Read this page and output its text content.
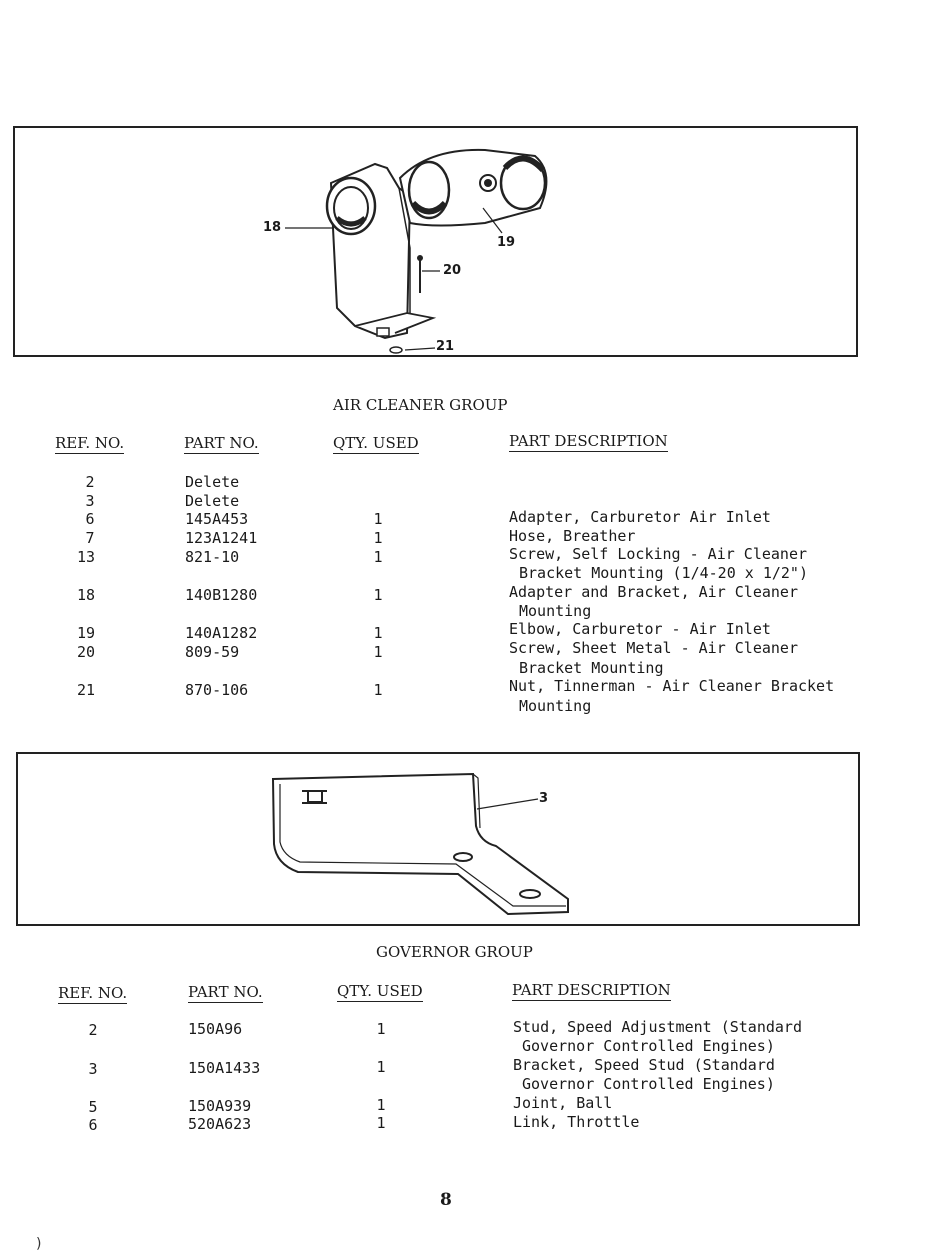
18
19
20
21
AIR CLEANER GROUP
REF. NO.	PART NO.	QTY. USED	PART DESCRIPTION
2	Delete
3	Delete
6	145A453	1	Adapter, Carburetor Air Inlet
7	123A1241	1	Hose, Breather
13	821-10	1	Screw, Self Locking - Air Cleaner
Bracket Mounting (1/4-20 x 1/2")
18	140B1280	1	Adapter and Bracket, Air Cleaner
Mounting
19	140A1282	1	Elbow, Carburetor - Air Inlet
20	809-59	1	Screw, Sheet Metal - Air Cleaner
Bracket Mounting
21	870-106	1	Nut, Tinnerman - Air Cleaner Bracket
Mounting
3
GOVERNOR GROUP
REF. NO.	PART NO.	QTY. USED	PART DESCRIPTION
2	150A96	1	Stud, Speed Adjustment (Standard
Governor Controlled Engines)
3	150A1433	1	Bracket, Speed Stud (Standard
Governor Controlled Engines)
5	150A939	1	Joint, Ball
6	520A623	1	Link, Throttle
8
)
